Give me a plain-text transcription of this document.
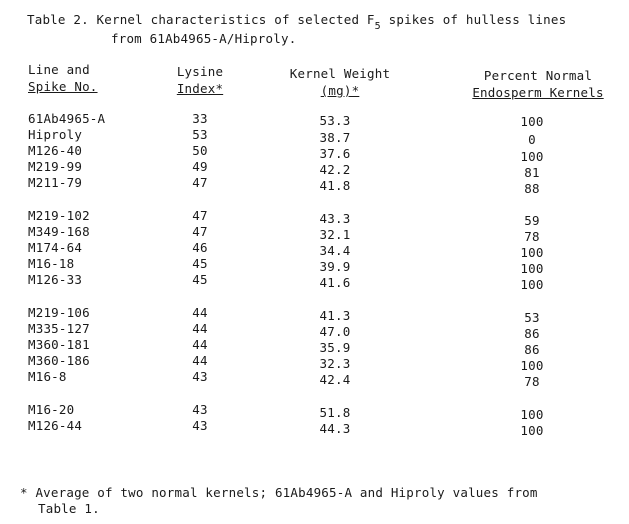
Table 2. Kernel characteristics of selected $F_5$ spikes of hulless lines
from 61Ab4965-A/Hiproly.
Line and
Spike No.
Lysine
Index*
Kernel Weight
(mg)*
Percent Normal
Endosperm Kernels
61Ab4965-A	33	53.3	100
Hiproly	53	38.7	0
M126-40	50	37.6	100
M219-99	49	42.2	81
M211-79	47	41.8	88
M219-102	47	43.3	59
M349-168	47	32.1	78
M174-64	46	34.4	100
M16-18	45	39.9	100
M126-33	45	41.6	100
M219-106	44	41.3	53
M335-127	44	47.0	86
M360-181	44	35.9	86
M360-186	44	32.3	100
M16-8	43	42.4	78
M16-20	43	51.8	100
M126-44	43	44.3	100
* Average of two normal kernels; 61Ab4965-A and Hiproly values from
Table 1.
